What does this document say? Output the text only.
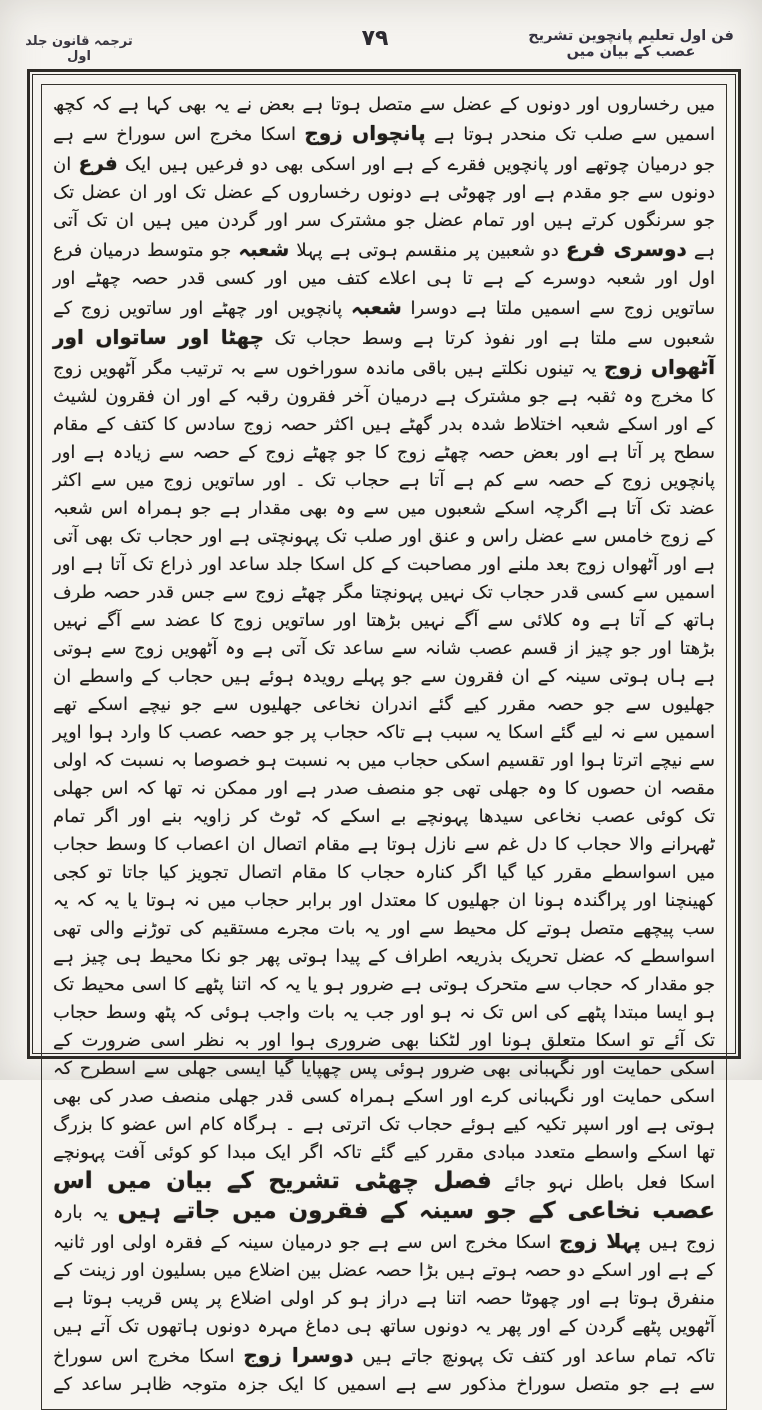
ترجمہ قانون جلد اول
۷۹	فن اول تعلیم پانچوین تشریح عصب کے بیان میں
میں رخساروں اور دونوں کے عضل سے متصل ہوتا ہے بعض نے یہ بھی کہا ہے کہ کچھ اسمیں سے صلب تک منحدر ہوتا ہے پانچواں زوج اسکا مخرج اس سوراخ سے ہے جو درمیان چوتھے اور پانچویں فقرے کے ہے اور اسکی بھی دو فرعیں ہیں ایک فرع ان دونوں سے جو مقدم ہے اور چھوٹی ہے دونوں رخساروں کے عضل تک اور ان عضل تک جو سرنگوں کرتے ہیں اور تمام عضل جو مشترک سر اور گردن میں ہیں ان تک آتی ہے دوسری فرع دو شعبین پر منقسم ہوتی ہے پہلا شعبہ جو متوسط درمیان فرع اول اور شعبہ دوسرے کے ہے تا ہی اعلاے کتف میں اور کسی قدر حصہ چھٹے اور ساتویں زوج سے اسمیں ملتا ہے دوسرا شعبہ پانچویں اور چھٹے اور ساتویں زوج کے شعبوں سے ملتا ہے اور نفوذ کرتا ہے وسط حجاب تک چھٹا اور ساتواں اور آٹھواں زوج یہ تینوں نکلتے ہیں باقی ماندہ سوراخوں سے بہ ترتیب مگر آٹھویں زوج کا مخرج وہ ثقبہ ہے جو مشترک ہے درمیان آخر فقرون رقبہ کے اور ان فقرون لشیث کے اور اسکے شعبہ اختلاط شدہ بدر گھٹے ہیں اکثر حصہ زوج سادس کا کتف کے مقام سطح پر آتا ہے اور بعض حصہ چھٹے زوج کا جو چھٹے زوج کے حصہ سے زیادہ ہے اور پانچویں زوج کے حصہ سے کم ہے آتا ہے حجاب تک ۔ اور ساتویں زوج میں سے اکثر عضد تک آتا ہے اگرچہ اسکے شعبوں میں سے وہ بھی مقدار ہے جو ہمراہ اس شعبہ کے زوج خامس سے عضل راس و عنق اور صلب تک پہونچتی ہے اور حجاب تک بھی آتی ہے اور آٹھواں زوج بعد ملنے اور مصاحبت کے کل اسکا جلد ساعد اور ذراع تک آتا ہے اور اسمیں سے کسی قدر حجاب تک نہیں پہونچتا مگر چھٹے زوج سے جس قدر حصہ طرف ہاتھ کے آتا ہے وہ کلائی سے آگے نہیں بڑھتا اور ساتویں زوج کا عضد سے آگے نہیں بڑھتا اور جو چیز از قسم عصب شانہ سے ساعد تک آتی ہے وہ آٹھویں زوج سے ہوتی ہے ہاں ہوتی سینہ کے ان فقرون سے جو پہلے رویدہ ہوئے ہیں حجاب کے واسطے ان جھلیوں سے جو حصہ مقرر کیے گئے اندران نخاعی جھلیوں سے جو نیچے اسکے تھے اسمیں سے نہ لیے گئے اسکا یہ سبب ہے تاکہ حجاب پر جو حصہ عصب کا وارد ہوا اوپر سے نیچے اترتا ہوا اور تقسیم اسکی حجاب میں بہ نسبت ہو خصوصا بہ نسبت کہ اولی مقصہ ان حصوں کا وہ جھلی تھی جو منصف صدر ہے اور ممکن نہ تھا کہ اس جھلی تک کوئی عصب نخاعی سیدھا پہونچے بے اسکے کہ ٹوٹ کر زاویہ بنے اور اگر تمام ٹھہرانے والا حجاب کا دل غم سے نازل ہوتا ہے مقام اتصال ان اعصاب کا وسط حجاب میں اسواسطے مقرر کیا گیا اگر کنارہ حجاب کا مقام اتصال تجویز کیا جاتا تو کجی کھینچنا اور پراگندہ ہونا ان جھلیوں کا معتدل اور برابر حجاب میں نہ ہوتا یا یہ کہ یہ سب پیچھے متصل ہوتے کل محیط سے اور یہ بات مجرے مستقیم کی توڑنے والی تھی اسواسطے کہ عضل تحریک بذریعہ اطراف کے پیدا ہوتی پھر جو نکا محیط ہی چیز ہے جو مقدار کہ حجاب سے متحرک ہوتی ہے ضرور ہو یا یہ کہ اتنا پٹھے کا اسی محیط تک ہو ایسا مبتدا پٹھے کی اس تک نہ ہو اور جب یہ بات واجب ہوئی کہ پٹھ وسط حجاب تک آئے تو اسکا متعلق ہونا اور لٹکنا بھی ضروری ہوا اور بہ نظر اسی ضرورت کے اسکی حمایت اور نگہبانی بھی ضرور ہوئی پس چھپایا گیا ایسی جھلی سے اسطرح کہ اسکی حمایت اور نگہبانی کرے اور اسکے ہمراہ کسی قدر جھلی منصف صدر کی بھی ہوتی ہے اور اسپر تکیہ کیے ہوئے حجاب تک اترتی ہے ۔ ہرگاہ کام اس عضو کا بزرگ تھا اسکے واسطے متعدد مبادی مقرر کیے گئے تاکہ اگر ایک مبدا کو کوئی آفت پہونچے اسکا فعل باطل نہو جائے فصل چھٹی تشریح کے بیان میں اس عصب نخاعی کے جو سینہ کے فقرون میں جاتے ہیں یہ بارہ زوج ہیں پہلا زوج اسکا مخرج اس سے ہے جو درمیان سینہ کے فقرہ اولی اور ثانیہ کے ہے اور اسکے دو حصہ ہوتے ہیں بڑا حصہ عضل بین اضلاع میں بسلیون اور زینت کے منفرق ہوتا ہے اور چھوٹا حصہ اتنا ہے دراز ہو کر اولی اضلاع پر پس قریب ہوتا ہے آٹھویں پٹھے گردن کے اور پھر یہ دونوں ساتھ ہی دماغ مہرہ دونوں ہاتھوں تک آتے ہیں تاکہ تمام ساعد اور کتف تک پہونچ جاتے ہیں دوسرا زوج اسکا مخرج اس سوراخ سے ہے جو متصل سوراخ مذکور سے ہے اسمیں کا ایک جزہ متوجہ ظاہر ساعد کے
